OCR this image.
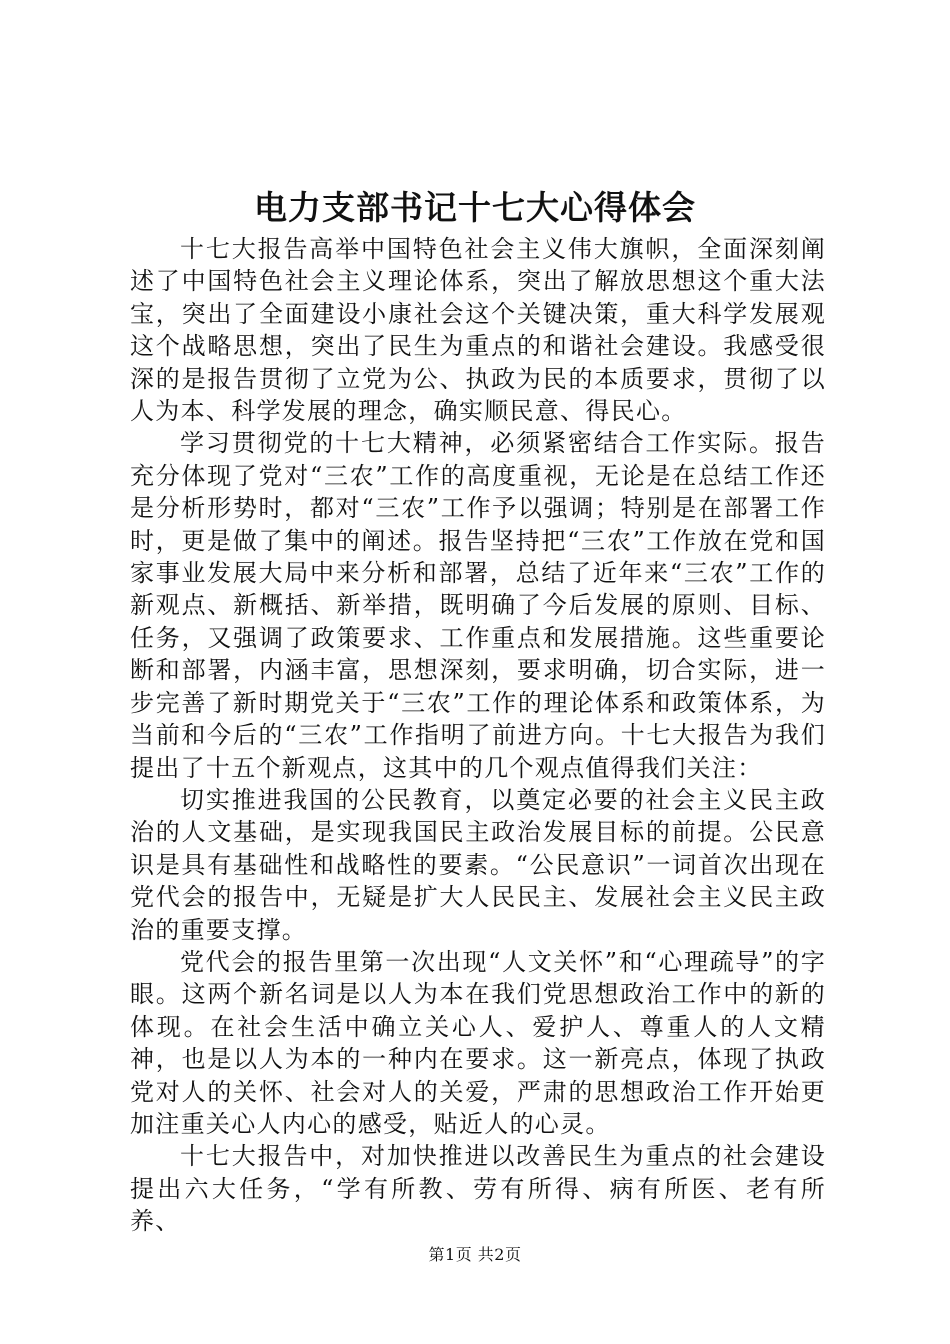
电力支部书记十七大心得体会

十七大报告高举中国特色社会主义伟大旗帜，全面深刻阐述了中国特色社会主义理论体系，突出了解放思想这个重大法宝，突出了全面建设小康社会这个关键决策，重大科学发展观这个战略思想，突出了民生为重点的和谐社会建设。我感受很深的是报告贯彻了立党为公、执政为民的本质要求，贯彻了以人为本、科学发展的理念，确实顺民意、得民心。

学习贯彻党的十七大精神，必须紧密结合工作实际。报告充分体现了党对“三农”工作的高度重视，无论是在总结工作还是分析形势时，都对“三农”工作予以强调；特别是在部署工作时，更是做了集中的阐述。报告坚持把“三农”工作放在党和国家事业发展大局中来分析和部署，总结了近年来“三农”工作的新观点、新概括、新举措，既明确了今后发展的原则、目标、任务，又强调了政策要求、工作重点和发展措施。这些重要论断和部署，内涵丰富，思想深刻，要求明确，切合实际，进一步完善了新时期党关于“三农”工作的理论体系和政策体系，为当前和今后的“三农”工作指明了前进方向。十七大报告为我们提出了十五个新观点，这其中的几个观点值得我们关注：

切实推进我国的公民教育，以奠定必要的社会主义民主政治的人文基础，是实现我国民主政治发展目标的前提。公民意识是具有基础性和战略性的要素。“公民意识”一词首次出现在党代会的报告中，无疑是扩大人民民主、发展社会主义民主政治的重要支撑。

党代会的报告里第一次出现“人文关怀”和“心理疏导”的字眼。这两个新名词是以人为本在我们党思想政治工作中的新的体现。在社会生活中确立关心人、爱护人、尊重人的人文精神，也是以人为本的一种内在要求。这一新亮点，体现了执政党对人的关怀、社会对人的关爱，严肃的思想政治工作开始更加注重关心人内心的感受，贴近人的心灵。

十七大报告中，对加快推进以改善民生为重点的社会建设提出六大任务，“学有所教、劳有所得、病有所医、老有所养、

第1页 共2页
